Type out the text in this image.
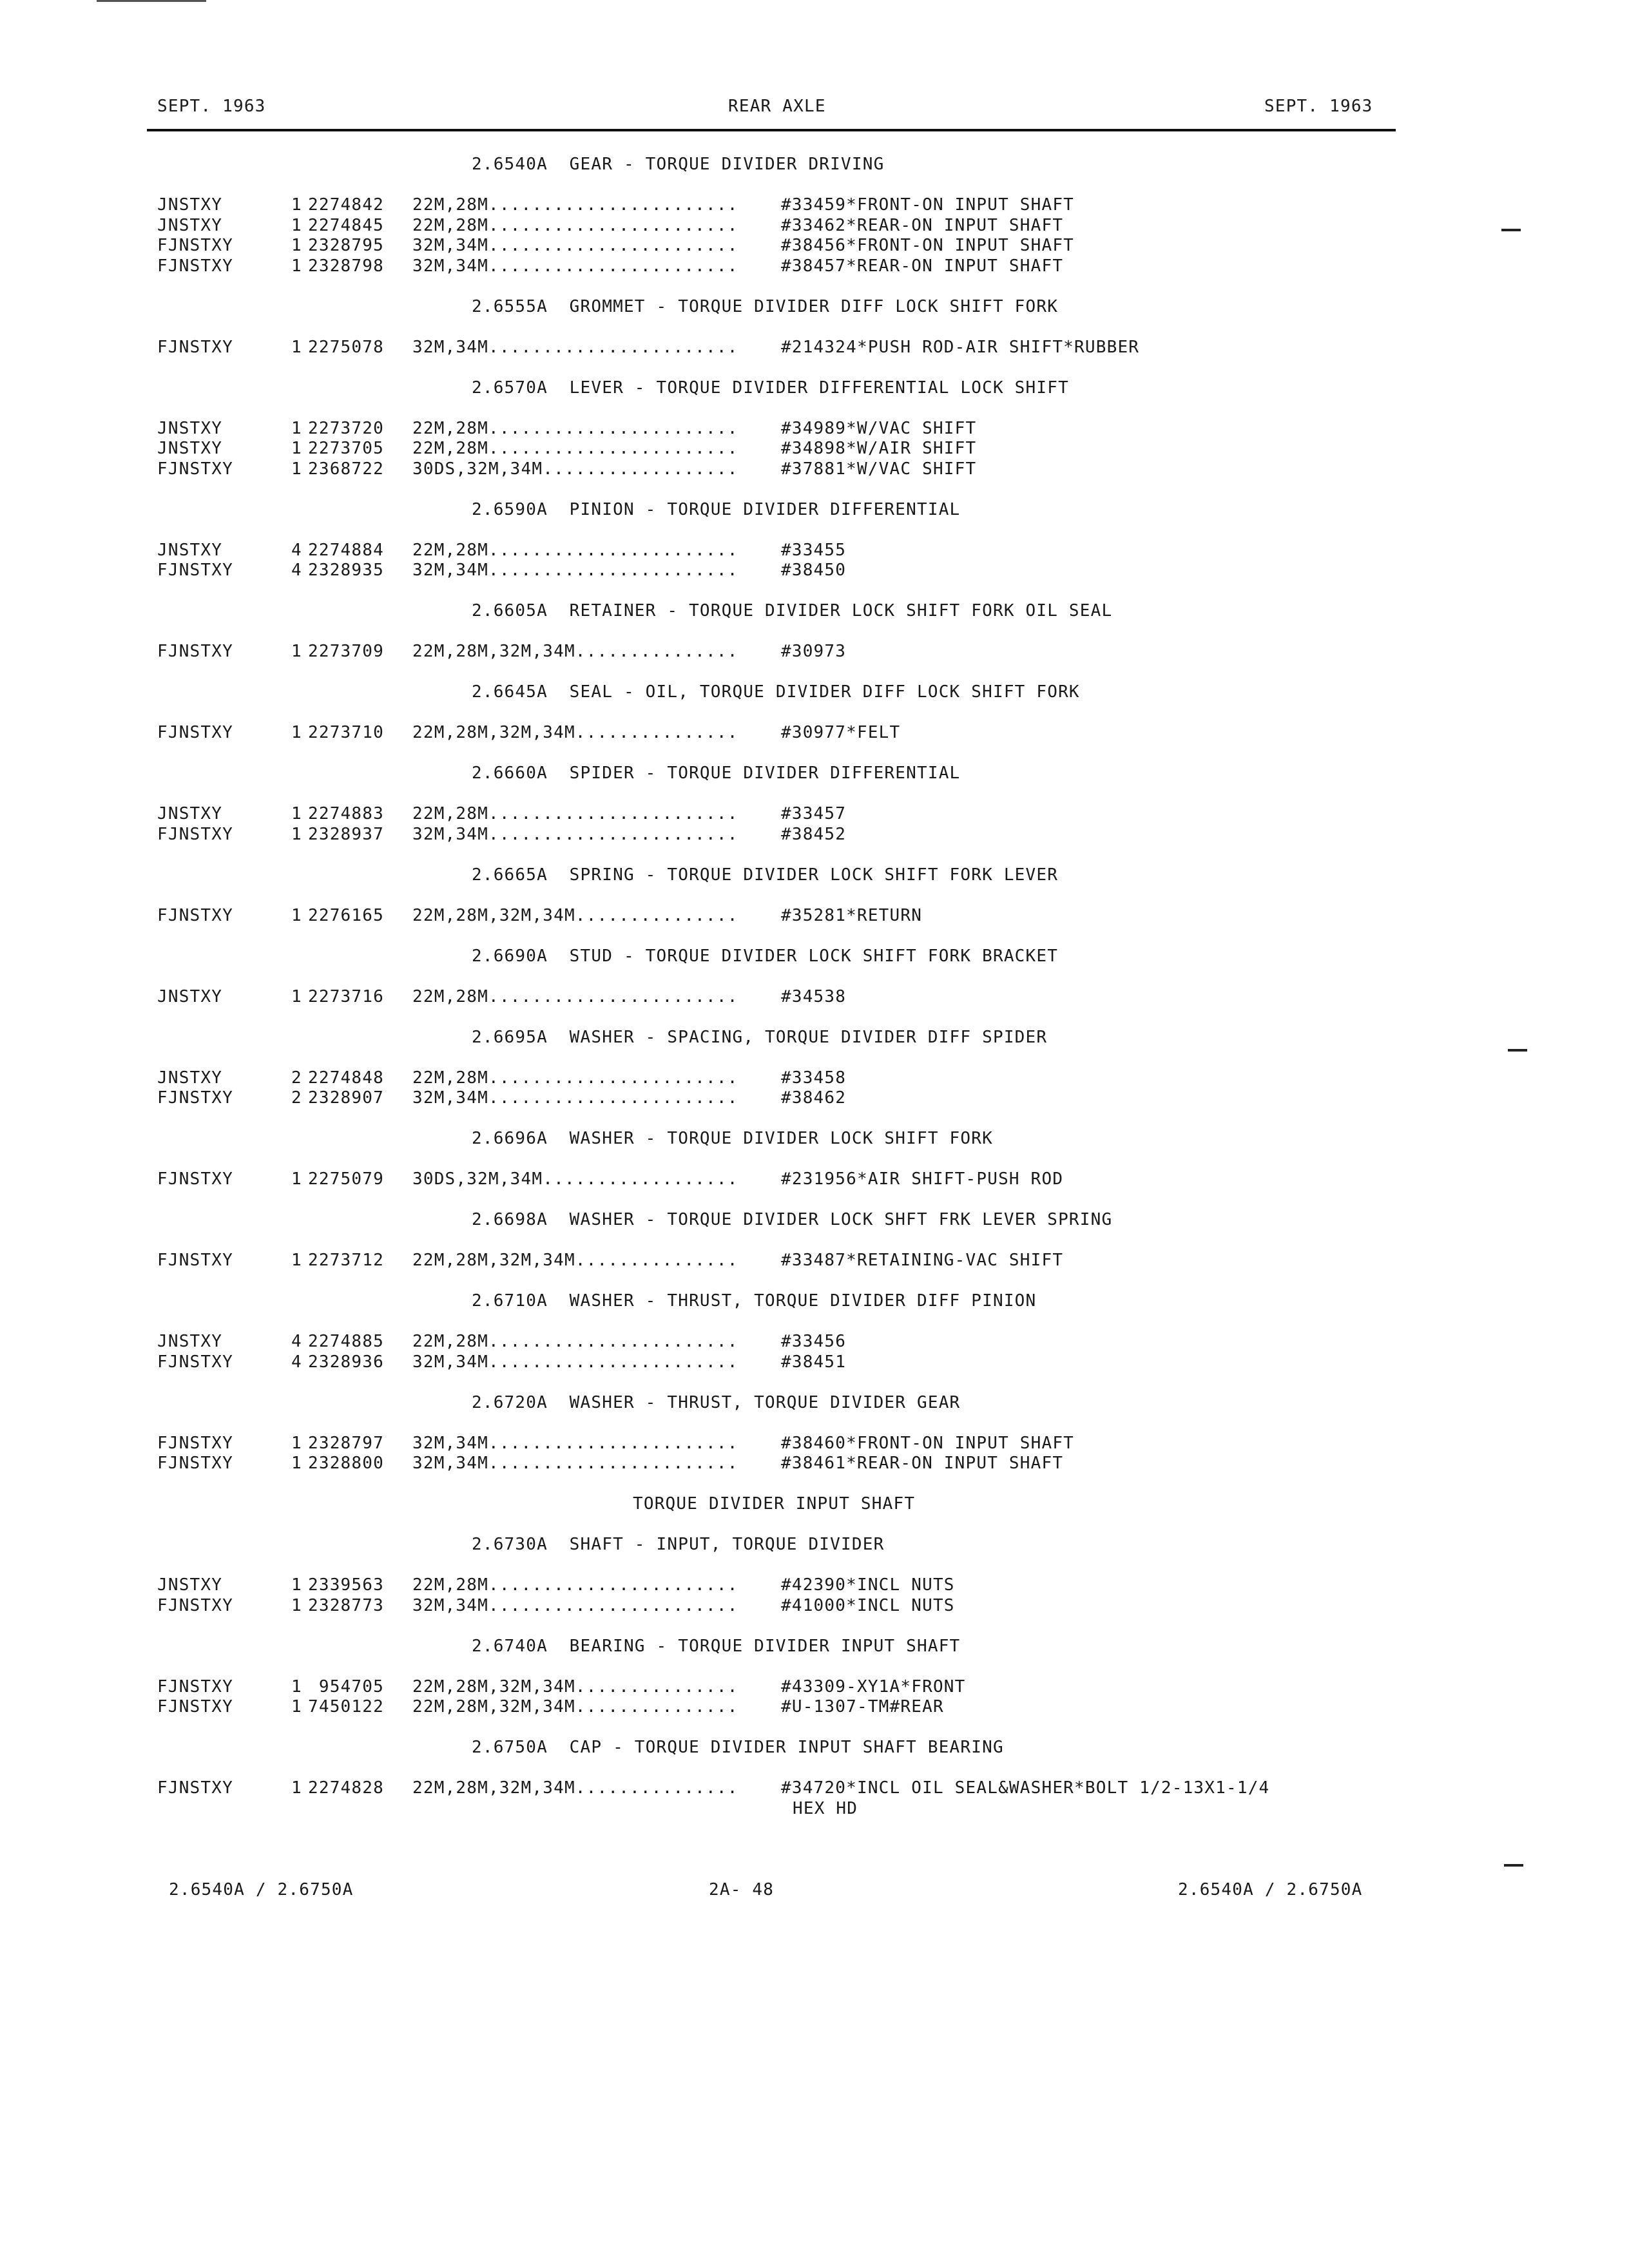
SEPT. 1963	REAR AXLE	SEPT. 1963
2.6540A  GEAR - TORQUE DIVIDER DRIVING
JNSTXY	1 2274842 22M,28M.......................	#33459*FRONT-ON INPUT SHAFT
JNSTXY	1 2274845 22M,28M.......................	#33462*REAR-ON INPUT SHAFT
FJNSTXY	1 2328795 32M,34M.......................	#38456*FRONT-ON INPUT SHAFT
FJNSTXY	1 2328798 32M,34M.......................	#38457*REAR-ON INPUT SHAFT
2.6555A  GROMMET - TORQUE DIVIDER DIFF LOCK SHIFT FORK
FJNSTXY	1 2275078 32M,34M.......................	#214324*PUSH ROD-AIR SHIFT*RUBBER
2.6570A  LEVER - TORQUE DIVIDER DIFFERENTIAL LOCK SHIFT
JNSTXY	1 2273720 22M,28M.......................	#34989*W/VAC SHIFT
JNSTXY	1 2273705 22M,28M.......................	#34898*W/AIR SHIFT
FJNSTXY	1 2368722 30DS,32M,34M..................	#37881*W/VAC SHIFT
2.6590A  PINION - TORQUE DIVIDER DIFFERENTIAL
JNSTXY	4 2274884 22M,28M.......................	#33455
FJNSTXY	4 2328935 32M,34M.......................	#38450
2.6605A  RETAINER - TORQUE DIVIDER LOCK SHIFT FORK OIL SEAL
FJNSTXY	1 2273709 22M,28M,32M,34M...............	#30973
2.6645A  SEAL - OIL, TORQUE DIVIDER DIFF LOCK SHIFT FORK
FJNSTXY	1 2273710 22M,28M,32M,34M...............	#30977*FELT
2.6660A  SPIDER - TORQUE DIVIDER DIFFERENTIAL
JNSTXY	1 2274883 22M,28M.......................	#33457
FJNSTXY	1 2328937 32M,34M.......................	#38452
2.6665A  SPRING - TORQUE DIVIDER LOCK SHIFT FORK LEVER
FJNSTXY	1 2276165 22M,28M,32M,34M...............	#35281*RETURN
2.6690A  STUD - TORQUE DIVIDER LOCK SHIFT FORK BRACKET
JNSTXY	1 2273716 22M,28M.......................	#34538
2.6695A  WASHER - SPACING, TORQUE DIVIDER DIFF SPIDER
JNSTXY	2 2274848 22M,28M.......................	#33458
FJNSTXY	2 2328907 32M,34M.......................	#38462
2.6696A  WASHER - TORQUE DIVIDER LOCK SHIFT FORK
FJNSTXY	1 2275079 30DS,32M,34M..................	#231956*AIR SHIFT-PUSH ROD
2.6698A  WASHER - TORQUE DIVIDER LOCK SHFT FRK LEVER SPRING
FJNSTXY	1 2273712 22M,28M,32M,34M...............	#33487*RETAINING-VAC SHIFT
2.6710A  WASHER - THRUST, TORQUE DIVIDER DIFF PINION
JNSTXY	4 2274885 22M,28M.......................	#33456
FJNSTXY	4 2328936 32M,34M.......................	#38451
2.6720A  WASHER - THRUST, TORQUE DIVIDER GEAR
FJNSTXY	1 2328797 32M,34M.......................	#38460*FRONT-ON INPUT SHAFT
FJNSTXY	1 2328800 32M,34M.......................	#38461*REAR-ON INPUT SHAFT
TORQUE DIVIDER INPUT SHAFT
2.6730A  SHAFT - INPUT, TORQUE DIVIDER
JNSTXY	1 2339563 22M,28M.......................	#42390*INCL NUTS
FJNSTXY	1 2328773 32M,34M.......................	#41000*INCL NUTS
2.6740A  BEARING - TORQUE DIVIDER INPUT SHAFT
FJNSTXY	1 954705 22M,28M,32M,34M...............	#43309-XY1A*FRONT
FJNSTXY	1 7450122 22M,28M,32M,34M...............	#U-1307-TM#REAR
2.6750A  CAP - TORQUE DIVIDER INPUT SHAFT BEARING
FJNSTXY	1 2274828 22M,28M,32M,34M...............	#34720*INCL OIL SEAL&WASHER*BOLT 1/2-13X1-1/4
HEX HD
2.6540A / 2.6750A	2A- 48	2.6540A / 2.6750A
